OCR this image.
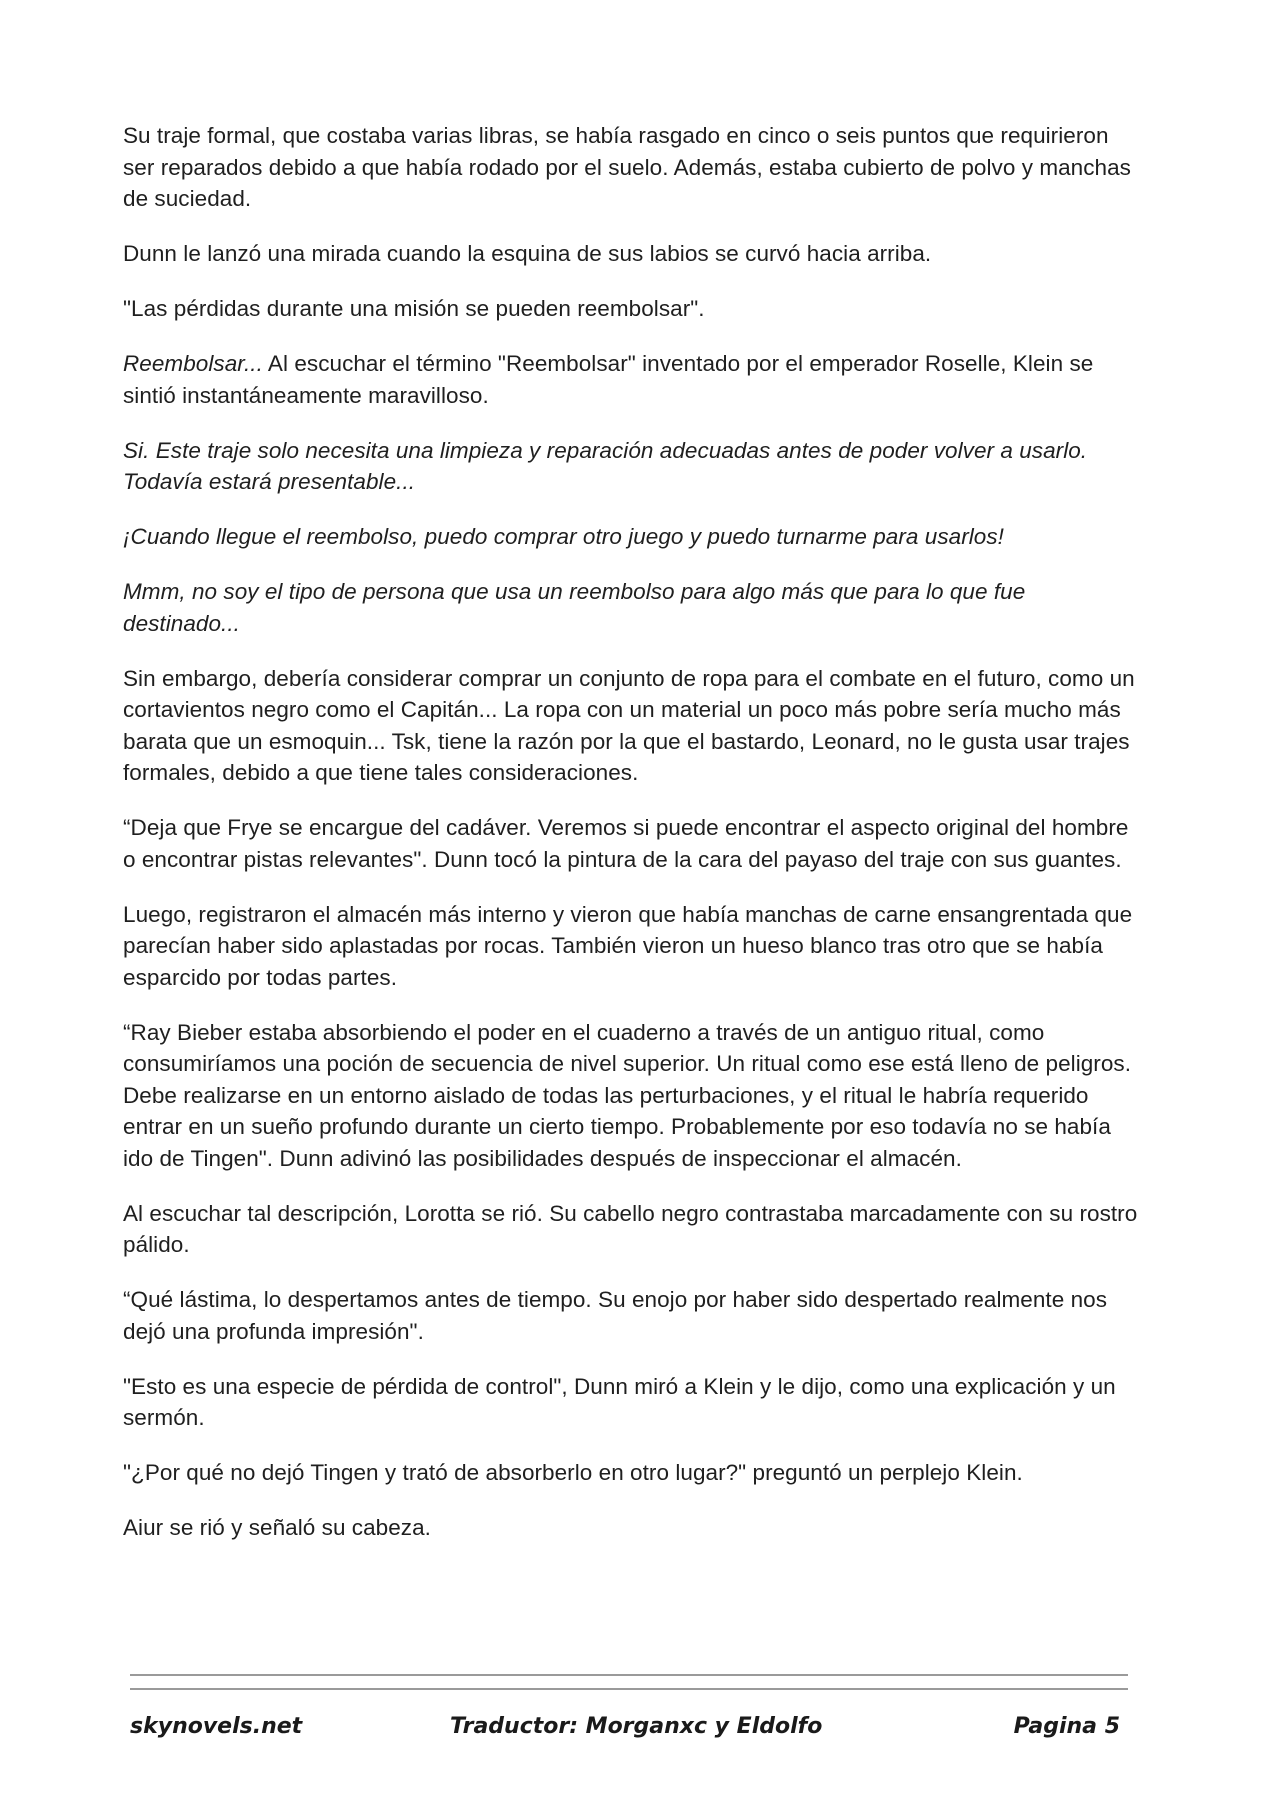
Su traje formal, que costaba varias libras, se había rasgado en cinco o seis puntos que requirieron ser reparados debido a que había rodado por el suelo. Además, estaba cubierto de polvo y manchas de suciedad.

Dunn le lanzó una mirada cuando la esquina de sus labios se curvó hacia arriba.

"Las pérdidas durante una misión se pueden reembolsar".

Reembolsar... Al escuchar el término "Reembolsar" inventado por el emperador Roselle, Klein se sintió instantáneamente maravilloso.

Si. Este traje solo necesita una limpieza y reparación adecuadas antes de poder volver a usarlo. Todavía estará presentable...

¡Cuando llegue el reembolso, puedo comprar otro juego y puedo turnarme para usarlos!

Mmm, no soy el tipo de persona que usa un reembolso para algo más que para lo que fue destinado...

Sin embargo, debería considerar comprar un conjunto de ropa para el combate en el futuro, como un cortavientos negro como el Capitán... La ropa con un material un poco más pobre sería mucho más barata que un esmoquin... Tsk, tiene la razón por la que el bastardo, Leonard, no le gusta usar trajes formales, debido a que tiene tales consideraciones.

“Deja que Frye se encargue del cadáver. Veremos si puede encontrar el aspecto original del hombre o encontrar pistas relevantes". Dunn tocó la pintura de la cara del payaso del traje con sus guantes.

Luego, registraron el almacén más interno y vieron que había manchas de carne ensangrentada que parecían haber sido aplastadas por rocas. También vieron un hueso blanco tras otro que se había esparcido por todas partes.

“Ray Bieber estaba absorbiendo el poder en el cuaderno a través de un antiguo ritual, como consumiríamos una poción de secuencia de nivel superior. Un ritual como ese está lleno de peligros. Debe realizarse en un entorno aislado de todas las perturbaciones, y el ritual le habría requerido entrar en un sueño profundo durante un cierto tiempo. Probablemente por eso todavía no se había ido de Tingen". Dunn adivinó las posibilidades después de inspeccionar el almacén.

Al escuchar tal descripción, Lorotta se rió. Su cabello negro contrastaba marcadamente con su rostro pálido.

“Qué lástima, lo despertamos antes de tiempo. Su enojo por haber sido despertado realmente nos dejó una profunda impresión".

"Esto es una especie de pérdida de control", Dunn miró a Klein y le dijo, como una explicación y un sermón.

"¿Por qué no dejó Tingen y trató de absorberlo en otro lugar?" preguntó un perplejo Klein.

Aiur se rió y señaló su cabeza.

skynovels.net	Traductor: Morganxc y Eldolfo	Pagina 5
